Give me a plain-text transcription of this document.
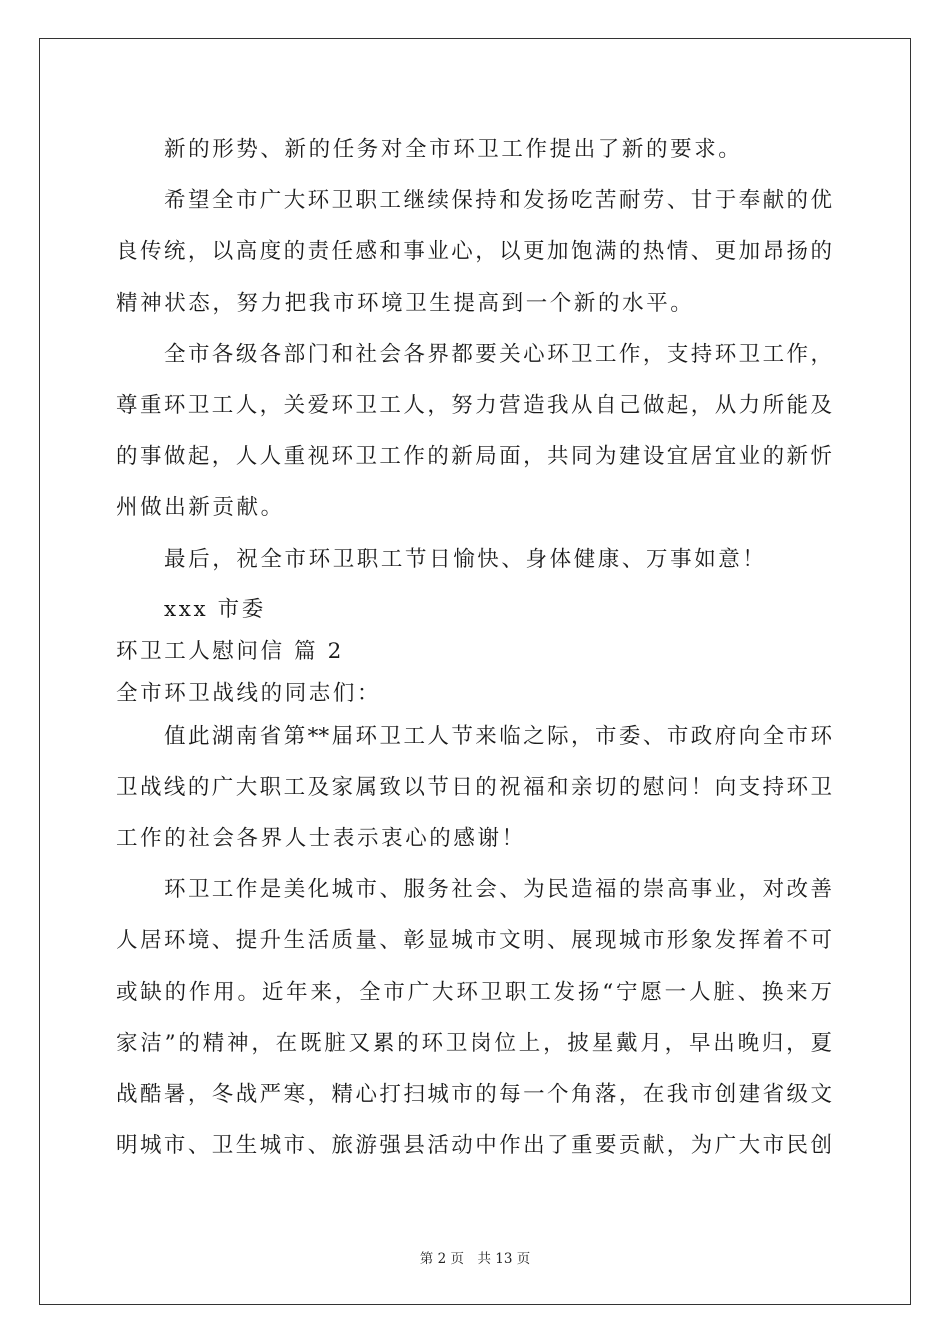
新的形势、新的任务对全市环卫工作提出了新的要求。
希望全市广大环卫职工继续保持和发扬吃苦耐劳、甘于奉献的优
良传统，以高度的责任感和事业心，以更加饱满的热情、更加昂扬的
精神状态，努力把我市环境卫生提高到一个新的水平。
全市各级各部门和社会各界都要关心环卫工作，支持环卫工作，
尊重环卫工人，关爱环卫工人，努力营造我从自己做起，从力所能及
的事做起，人人重视环卫工作的新局面，共同为建设宜居宜业的新忻
州做出新贡献。
最后，祝全市环卫职工节日愉快、身体健康、万事如意！
xxx 市委
环卫工人慰问信 篇 2
全市环卫战线的同志们：
值此湖南省第**届环卫工人节来临之际，市委、市政府向全市环
卫战线的广大职工及家属致以节日的祝福和亲切的慰问！向支持环卫
工作的社会各界人士表示衷心的感谢！
环卫工作是美化城市、服务社会、为民造福的崇高事业，对改善
人居环境、提升生活质量、彰显城市文明、展现城市形象发挥着不可
或缺的作用。近年来，全市广大环卫职工发扬“宁愿一人脏、换来万
家洁”的精神，在既脏又累的环卫岗位上，披星戴月，早出晚归，夏
战酷暑，冬战严寒，精心打扫城市的每一个角落，在我市创建省级文
明城市、卫生城市、旅游强县活动中作出了重要贡献，为广大市民创
第 2 页　共 13 页
